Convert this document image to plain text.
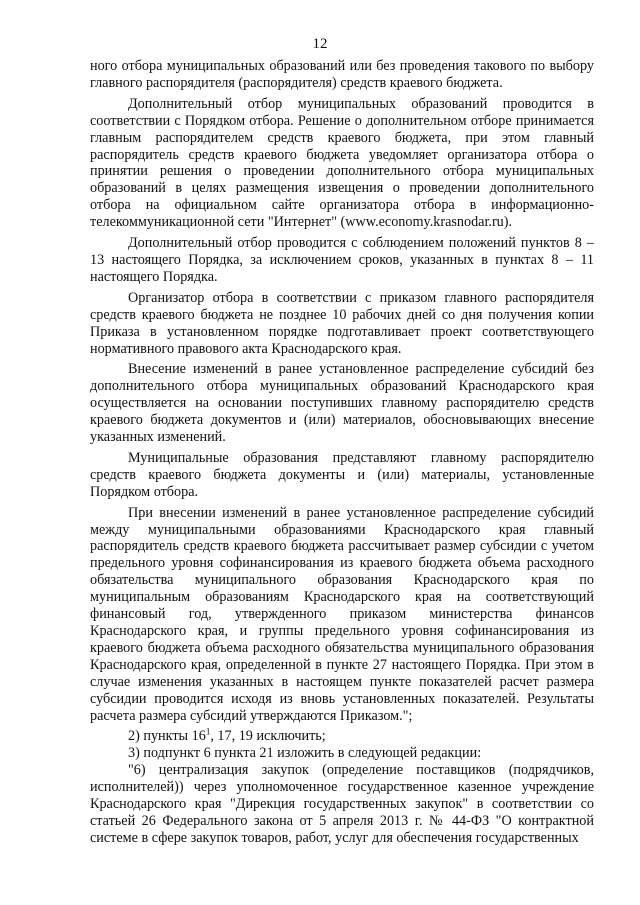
12

ного отбора муниципальных образований или без проведения такового по выбору главного распорядителя (распорядителя) средств краевого бюджета.

Дополнительный отбор муниципальных образований проводится в соответствии с Порядком отбора. Решение о дополнительном отборе принимается главным распорядителем средств краевого бюджета, при этом главный распорядитель средств краевого бюджета уведомляет организатора отбора о принятии решения о проведении дополнительного отбора муниципальных образований в целях размещения извещения о проведении дополнительного отбора на официальном сайте организатора отбора в информационно-телекоммуникационной сети "Интернет" (www.economy.krasnodar.ru).

Дополнительный отбор проводится с соблюдением положений пунктов 8 – 13 настоящего Порядка, за исключением сроков, указанных в пунктах 8 – 11 настоящего Порядка.

Организатор отбора в соответствии с приказом главного распорядителя средств краевого бюджета не позднее 10 рабочих дней со дня получения копии Приказа в установленном порядке подготавливает проект соответствующего нормативного правового акта Краснодарского края.

Внесение изменений в ранее установленное распределение субсидий без дополнительного отбора муниципальных образований Краснодарского края осуществляется на основании поступивших главному распорядителю средств краевого бюджета документов и (или) материалов, обосновывающих внесение указанных изменений.

Муниципальные образования представляют главному распорядителю средств краевого бюджета документы и (или) материалы, установленные Порядком отбора.

При внесении изменений в ранее установленное распределение субсидий между муниципальными образованиями Краснодарского края главный распорядитель средств краевого бюджета рассчитывает размер субсидии с учетом предельного уровня софинансирования из краевого бюджета объема расходного обязательства муниципального образования Краснодарского края по муниципальным образованиям Краснодарского края на соответствующий финансовый год, утвержденного приказом министерства финансов Краснодарского края, и группы предельного уровня софинансирования из краевого бюджета объема расходного обязательства муниципального образования Краснодарского края, определенной в пункте 27 настоящего Порядка. При этом в случае изменения указанных в настоящем пункте показателей расчет размера субсидии проводится исходя из вновь установленных показателей. Результаты расчета размера субсидий утверждаются Приказом.";

2) пункты $16^1$, 17, 19 исключить;

3) подпункт 6 пункта 21 изложить в следующей редакции:

"6) централизация закупок (определение поставщиков (подрядчиков, исполнителей)) через уполномоченное государственное казенное учреждение Краснодарского края "Дирекция государственных закупок" в соответствии со статьей 26 Федерального закона от 5 апреля 2013 г. № 44-ФЗ "О контрактной системе в сфере закупок товаров, работ, услуг для обеспечения государственных
